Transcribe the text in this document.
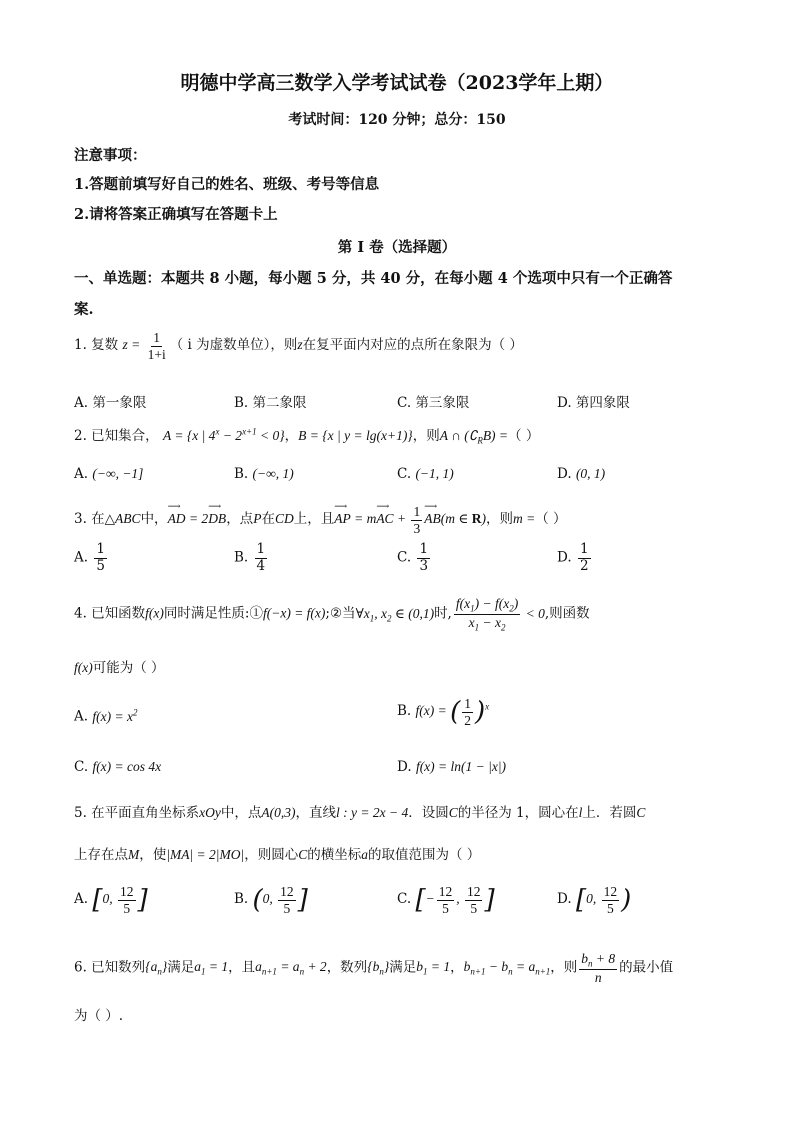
明德中学高三数学入学考试试卷（2023学年上期）
考试时间：120 分钟；总分：150
注意事项：
1.答题前填写好自己的姓名、班级、考号等信息
2.请将答案正确填写在答题卡上
第 I 卷（选择题）
一、单选题：本题共 8 小题，每小题 5 分，共 40 分，在每小题 4 个选项中只有一个正确答
案.
1. 复数 $z = \frac{1}{1+i}$ （ i 为虚数单位），则z在复平面内对应的点所在象限为（ ）
A. 第一象限	B. 第二象限	C. 第三象限	D. 第四象限
2. 已知集合， A = {x | $4^x - 2^{x+1} < 0$}，B = {x | y = lg(x+1)}，则A ∩ $(∁_RB)$ =（ ）
A. (−∞, −1]	B. (−∞, 1)	C. (−1, 1)	D. (0, 1)
3. 在△ABC中，⟶ AD = 2⟶ DB，点P在CD上，且⟶ AP = m⟶ AC + $\frac{1}{3}$
⟶ AB(m ∈ R)，则m =（ ）
A. $\frac{1}{5}$	B. $\frac{1}{4}$	C. $\frac{1}{3}$	D. $\frac{1}{2}$
4. 已知函数f(x)同时满足性质:①f(−x) = f(x);②当$\forall x_1$, $x_2$ ∈ (0,1)时, $\frac{f(x_1) - f(x_2)}{x_1 - x_2} < 0$,则函数
f(x)可能为（ ）
A. $f(x) = x^2$	B. f(x) = ( $\frac{1}{2} )^x$
C. f(x) = cos 4x	D. f(x) = ln(1 − |x|)
5. 在平面直角坐标系xOy中，点A(0,3)，直线l : y = 2x − 4．设圆C的半径为 1，圆心在l上．若圆C
上存在点M，使|MA| = 2|MO|，则圆心C的横坐标a的取值范围为（ ）
A. [0, $\frac{12}{5}$ ]	B. (0, $\frac{12}{5}$ ]	C. [− $\frac{12}{5}$ , $\frac{12}{5}$ ]	D. [0, $\frac{12}{5}$ )
6. 已知数列$\{a_n\}$满足$a_1 = 1$，且$a_{n+1} = a_n + 2$，数列$\{b_n\}$满足$b_1 = 1$，$b_{n+1} - b_n = a_{n+1}$，则 $\frac{b_n + 8}{n}$ 的最小值
为（ ）.
